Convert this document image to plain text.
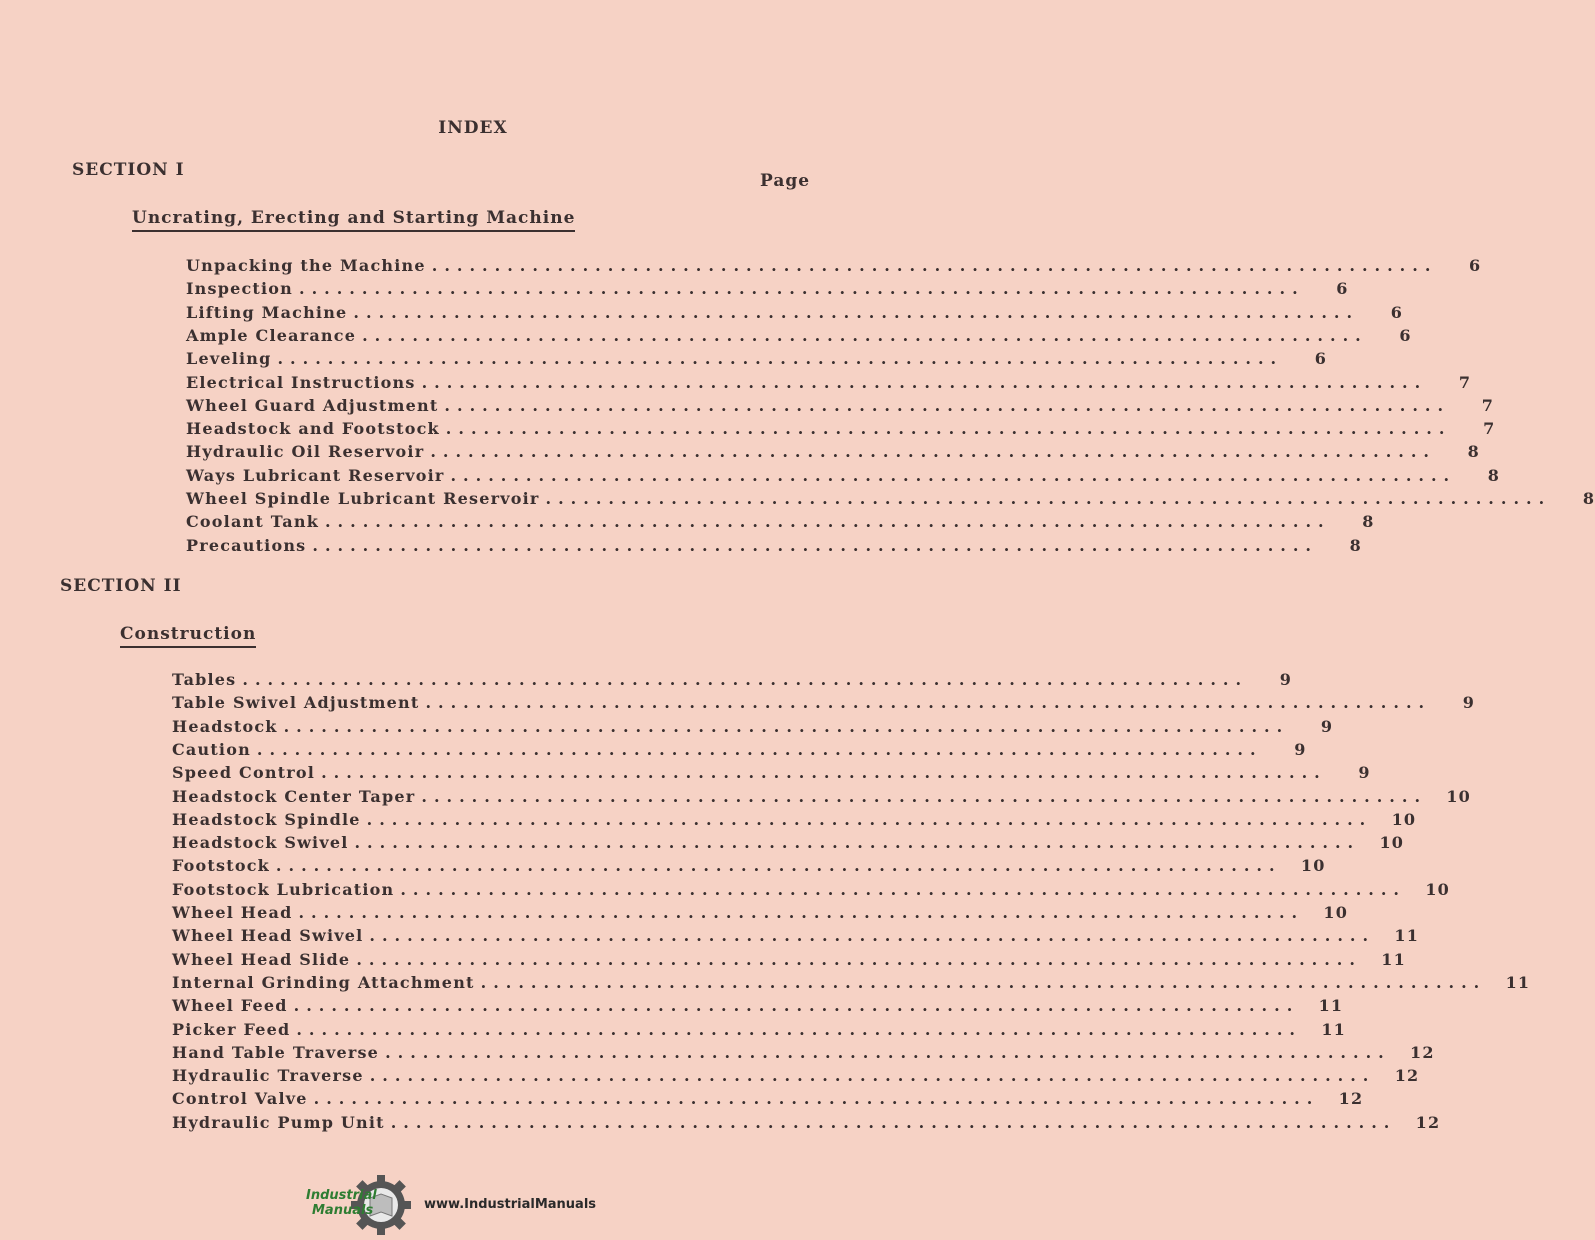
INDEX
SECTION I
Page
Uncrating, Erecting and Starting Machine
Unpacking the Machine ................................................................................	6
Inspection ................................................................................	6
Lifting Machine ................................................................................	6
Ample Clearance ................................................................................	6
Leveling ................................................................................	6
Electrical Instructions ................................................................................	7
Wheel Guard Adjustment ................................................................................	7
Headstock and Footstock ................................................................................	7
Hydraulic Oil Reservoir ................................................................................	8
Ways Lubricant Reservoir ................................................................................	8
Wheel Spindle Lubricant Reservoir ................................................................................	8
Coolant Tank ................................................................................	8
Precautions ................................................................................	8
SECTION II
Construction
Tables ................................................................................	9
Table Swivel Adjustment ................................................................................	9
Headstock ................................................................................	9
Caution ................................................................................	9
Speed Control ................................................................................	9
Headstock Center Taper ................................................................................	10
Headstock Spindle ................................................................................	10
Headstock Swivel ................................................................................	10
Footstock ................................................................................	10
Footstock Lubrication ................................................................................	10
Wheel Head ................................................................................	10
Wheel Head Swivel ................................................................................	11
Wheel Head Slide ................................................................................	11
Internal Grinding Attachment ................................................................................	11
Wheel Feed ................................................................................	11
Picker Feed ................................................................................	11
Hand Table Traverse ................................................................................	12
Hydraulic Traverse ................................................................................	12
Control Valve ................................................................................	12
Hydraulic Pump Unit ................................................................................	12
Industrial
Manuals	www.IndustrialManuals
